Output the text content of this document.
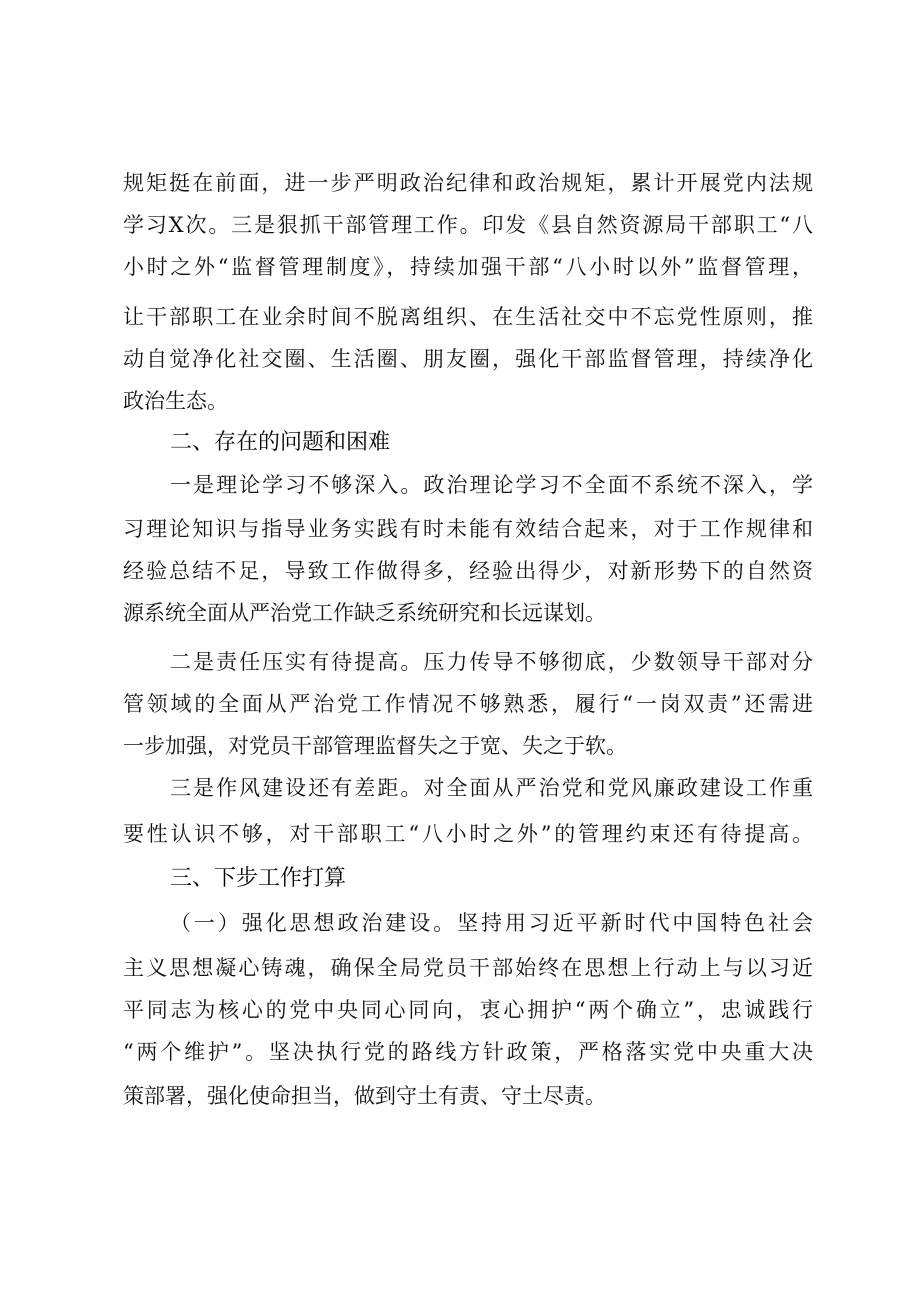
规矩挺在前面，进一步严明政治纪律和政治规矩，累计开展党内法规
学习X次。三是狠抓干部管理工作。印发《县自然资源局干部职工“八
小时之外“监督管理制度》，持续加强干部“八小时以外”监督管理，
让干部职工在业余时间不脱离组织、在生活社交中不忘党性原则，推
动自觉净化社交圈、生活圈、朋友圈，强化干部监督管理，持续净化
政治生态。
二、存在的问题和困难
一是理论学习不够深入。政治理论学习不全面不系统不深入，学
习理论知识与指导业务实践有时未能有效结合起来，对于工作规律和
经验总结不足，导致工作做得多，经验出得少，对新形势下的自然资
源系统全面从严治党工作缺乏系统研究和长远谋划。
二是责任压实有待提高。压力传导不够彻底，少数领导干部对分
管领域的全面从严治党工作情况不够熟悉，履行“一岗双责”还需进
一步加强，对党员干部管理监督失之于宽、失之于软。
三是作风建设还有差距。对全面从严治党和党风廉政建设工作重
要性认识不够，对干部职工“八小时之外”的管理约束还有待提高。
三、下步工作打算
（一）强化思想政治建设。坚持用习近平新时代中国特色社会
主义思想凝心铸魂，确保全局党员干部始终在思想上行动上与以习近
平同志为核心的党中央同心同向，衷心拥护“两个确立”，忠诚践行
“两个维护”。坚决执行党的路线方针政策，严格落实党中央重大决
策部署，强化使命担当，做到守土有责、守土尽责。
